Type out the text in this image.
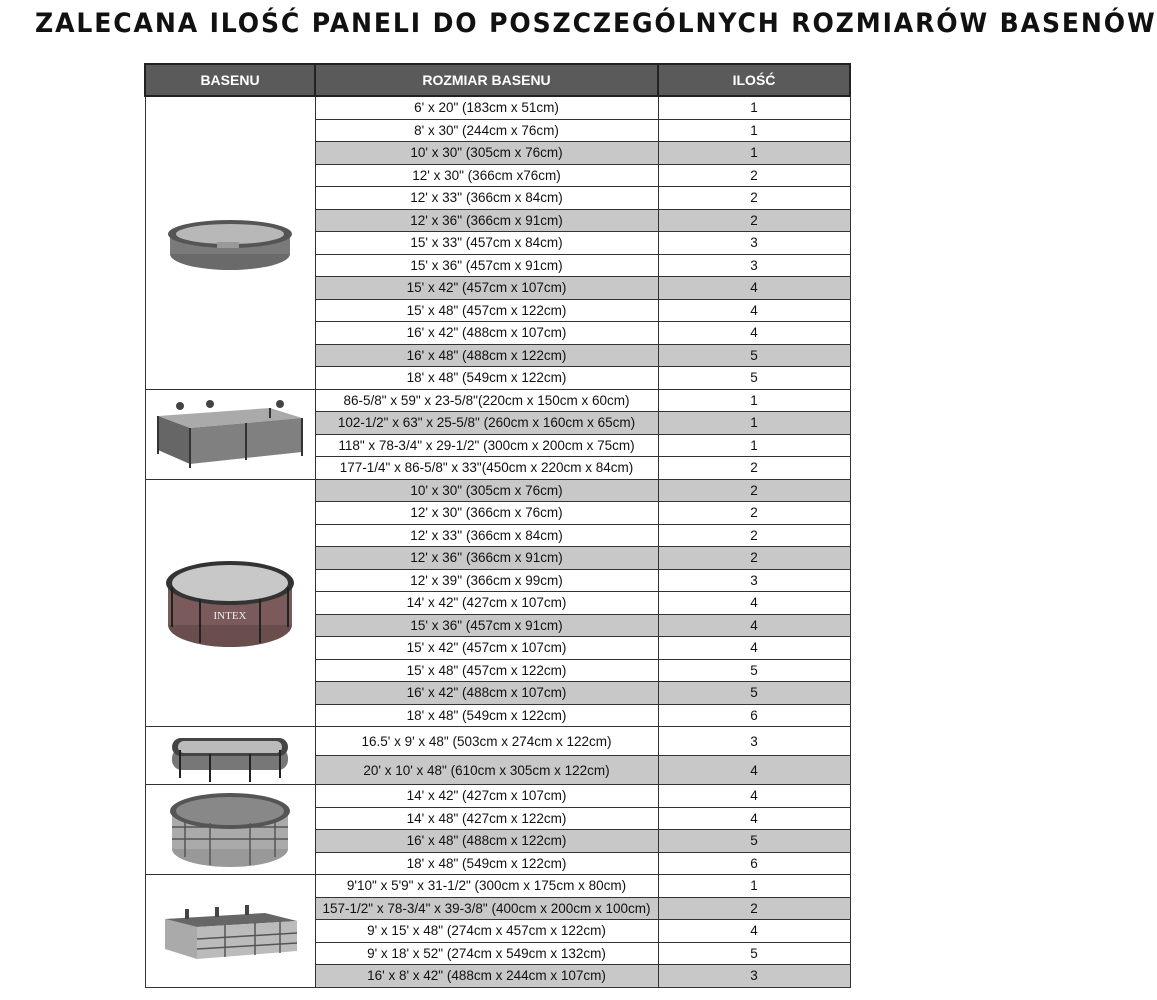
ZALECANA ILOŚĆ PANELI DO POSZCZEGÓLNYCH ROZMIARÓW BASENÓW
BASENU	ROZMIAR BASENU	ILOŚĆ

	6' x 20" (183cm x 51cm)	1
	8' x 30" (244cm x 76cm)	1
	10' x 30" (305cm x 76cm)	1
	12' x 30" (366cm x76cm)	2
	12' x 33'' (366cm x 84cm)	2
	12' x 36'' (366cm x 91cm)	2
	15' x 33" (457cm x 84cm)	3
	15' x 36" (457cm x 91cm)	3
	15' x 42" (457cm x 107cm)	4
	15' x 48" (457cm x 122cm)	4
	16' x 42" (488cm x 107cm)	4
	16' x 48" (488cm x 122cm)	5
	18' x 48" (549cm x 122cm)	5

	86-5/8" x 59" x 23-5/8"(220cm x 150cm x 60cm)	1
	102-1/2" x 63" x 25-5/8" (260cm x 160cm x 65cm)	1
	118" x 78-3/4" x 29-1/2" (300cm x 200cm x 75cm)	1
	177-1/4" x 86-5/8" x 33"(450cm x 220cm x 84cm)	2

INTEX	10' x 30" (305cm x 76cm)	2
	12' x 30" (366cm x 76cm)	2
	12' x 33'' (366cm x 84cm)	2
	12' x 36'' (366cm x 91cm)	2
	12' x 39'' (366cm x 99cm)	3
	14' x 42" (427cm x 107cm)	4
	15' x 36" (457cm x 91cm)	4
	15' x 42" (457cm x 107cm)	4
	15' x 48" (457cm x 122cm)	5
	16' x 42" (488cm x 107cm)	5
	18' x 48" (549cm x 122cm)	6

	16.5' x 9' x 48" (503cm x 274cm x 122cm)	3
	20' x 10' x 48" (610cm x 305cm x 122cm)	4

	14' x 42" (427cm x 107cm)	4
	14' x 48" (427cm x 122cm)	4
	16' x 48" (488cm x 122cm)	5
	18' x 48" (549cm x 122cm)	6

	9'10" x 5'9" x 31-1/2" (300cm x 175cm x 80cm)	1
	157-1/2" x 78-3/4" x 39-3/8" (400cm x 200cm x 100cm)	2
	9' x 15' x 48" (274cm x 457cm x 122cm)	4
	9' x 18' x 52" (274cm x 549cm x 132cm)	5
	16' x 8' x 42" (488cm x 244cm x 107cm)	3
